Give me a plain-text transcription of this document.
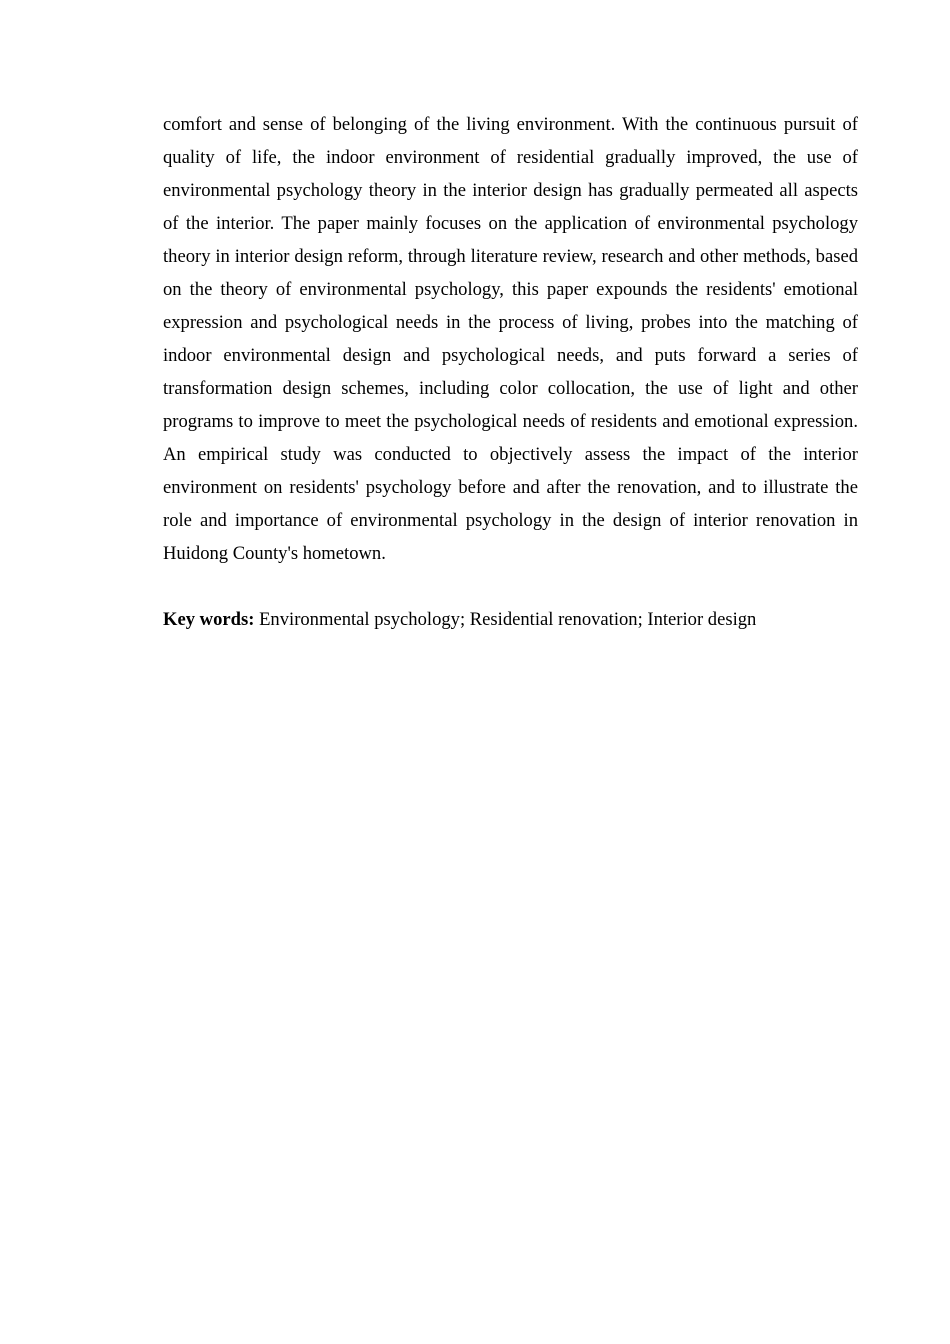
comfort and sense of belonging of the living environment. With the continuous pursuit of quality of life, the indoor environment of residential gradually improved, the use of environmental psychology theory in the interior design has gradually permeated all aspects of the interior. The paper mainly focuses on the application of environmental psychology theory in interior design reform, through literature review, research and other methods, based on the theory of environmental psychology, this paper expounds the residents' emotional expression and psychological needs in the process of living, probes into the matching of indoor environmental design and psychological needs, and puts forward a series of transformation design schemes, including color collocation, the use of light and other programs to improve to meet the psychological needs of residents and emotional expression. An empirical study was conducted to objectively assess the impact of the interior environment on residents' psychology before and after the renovation, and to illustrate the role and importance of environmental psychology in the design of interior renovation in Huidong County's hometown.

Key words: Environmental psychology; Residential renovation; Interior design
